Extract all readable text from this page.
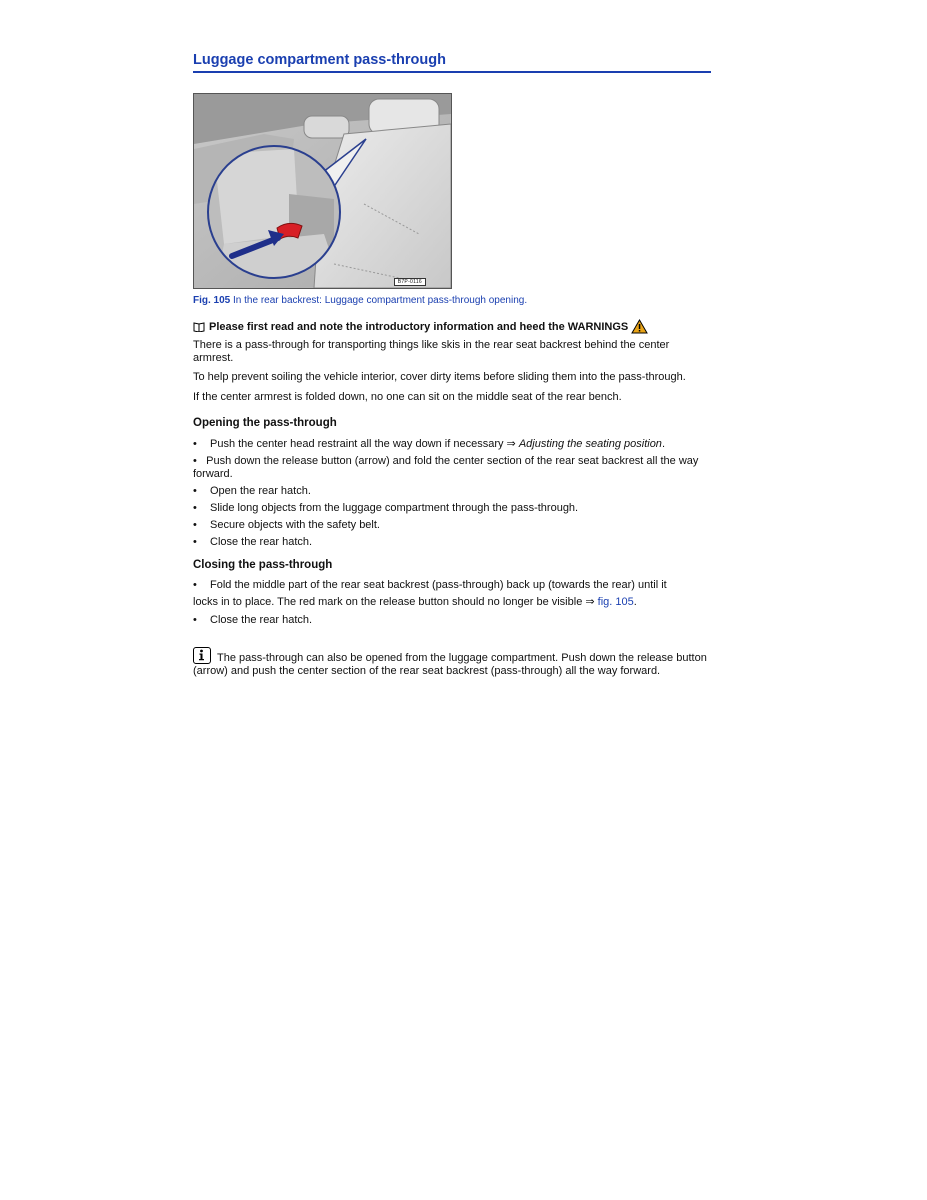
Luggage compartment pass-through
B7P-0116
Fig. 105 In the rear backrest: Luggage compartment pass-through opening.
Please first read and note the introductory information and heed the WARNINGS

There is a pass-through for transporting things like skis in the rear seat backrest behind the center armrest.

To help prevent soiling the vehicle interior, cover dirty items before sliding them into the pass-through.

If the center armrest is folded down, no one can sit on the middle seat of the rear bench.

Opening the pass-through
• Push the center head restraint all the way down if necessary ⇒ Adjusting the seating position.
• Push down the release button (arrow) and fold the center section of the rear seat backrest all the way forward.
• Open the rear hatch.
• Slide long objects from the luggage compartment through the pass-through.
• Secure objects with the safety belt.
• Close the rear hatch.
Closing the pass-through
• Fold the middle part of the rear seat backrest (pass-through) back up (towards the rear) until it
locks in to place. The red mark on the release button should no longer be visible ⇒ fig. 105.
• Close the rear hatch.
The pass-through can also be opened from the luggage compartment. Push down the release button (arrow) and push the center section of the rear seat backrest (pass-through) all the way forward.
